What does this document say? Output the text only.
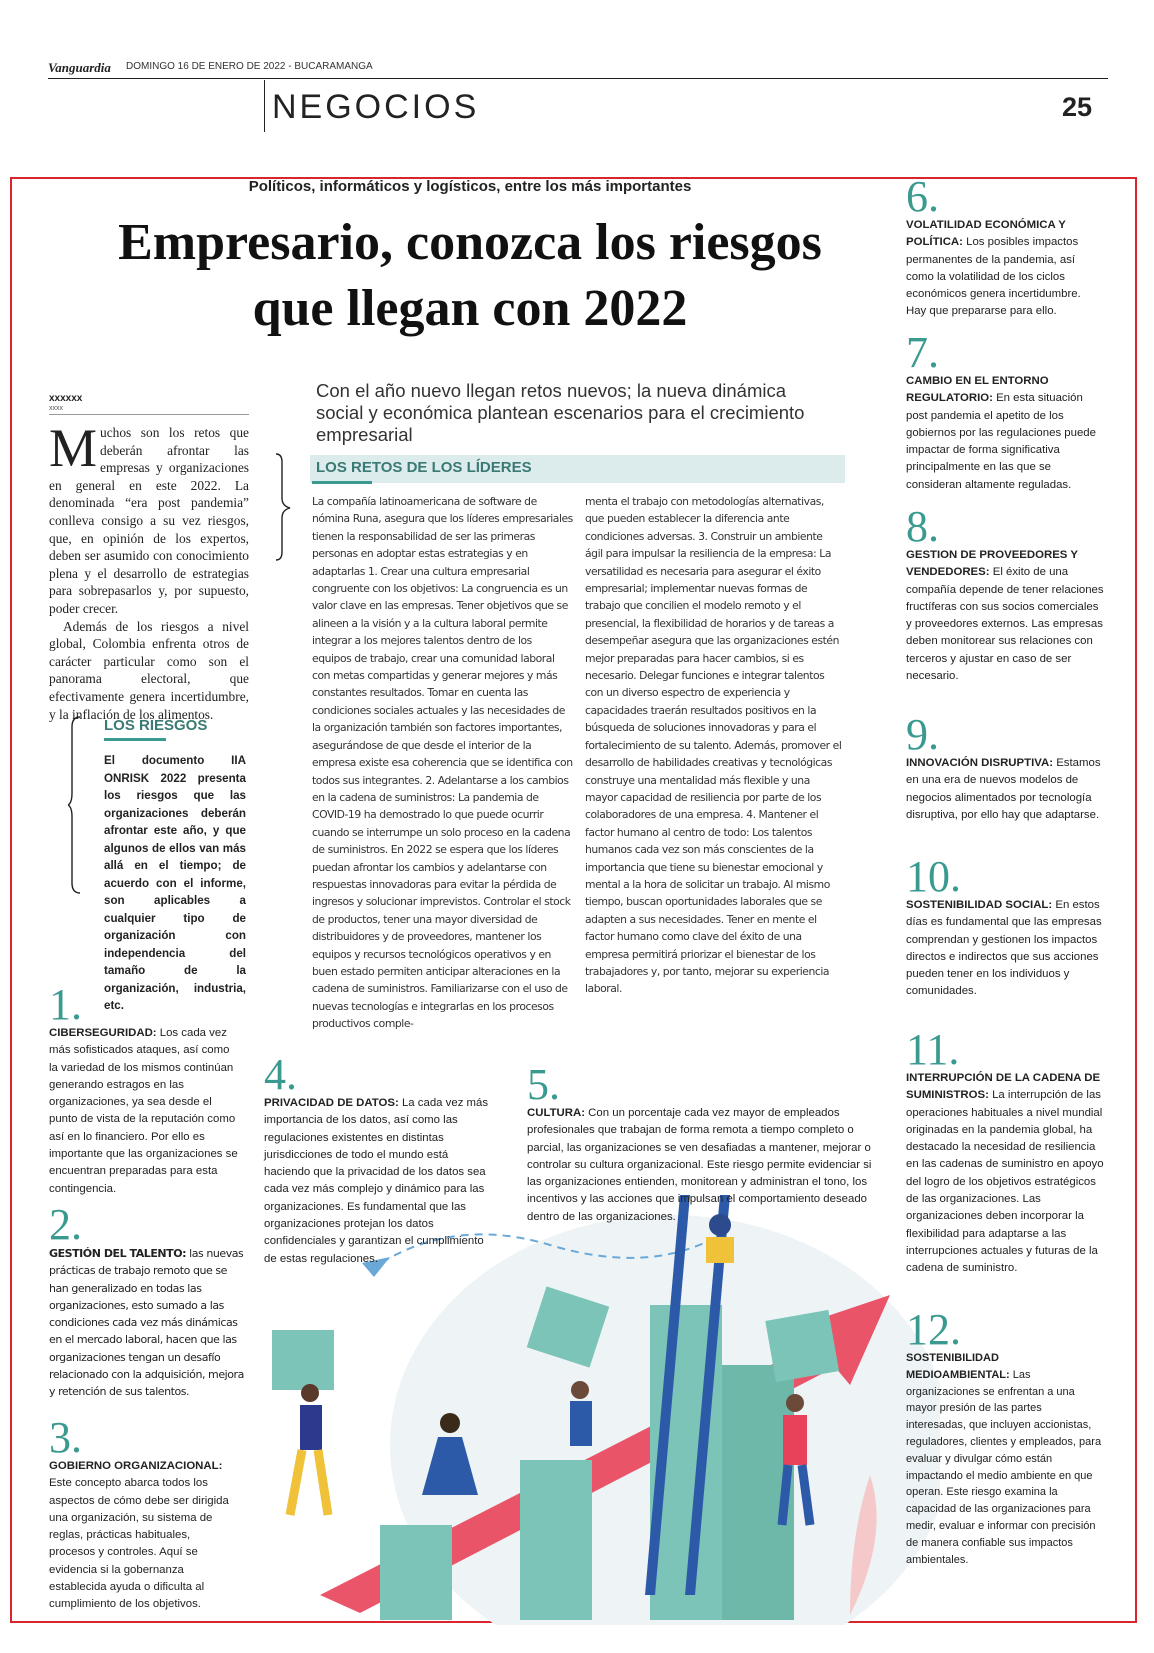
Vanguardia DOMINGO 16 DE ENERO DE 2022 - BUCARAMANGA
NEGOCIOS	25
Políticos, informáticos y logísticos, entre los más importantes
Empresario, conozca los riesgos que llegan con 2022
xxxxxx
xxxx
M uchos son los retos que deberán afrontar las empresas y organizaciones en general en este 2022. La denominada “era post pandemia” conlleva consigo a su vez riesgos, que, en opinión de los expertos, deben ser asumido con conocimiento plena y el desarrollo de estrategias para sobrepasarlos y, por supuesto, poder crecer.
Además de los riesgos a nivel global, Colombia enfrenta otros de carácter particular como son el panorama electoral, que efectivamente genera incertidumbre, y la inflación de los alimentos.
LOS RIESGOS
El documento IIA ONRISK 2022 presenta los riesgos que las organizaciones deberán afrontar este año, y que algunos de ellos van más allá en el tiempo; de acuerdo con el informe, son aplicables a cualquier tipo de organización con independencia del tamaño de la organización, industria, etc.
Con el año nuevo llegan retos nuevos; la nueva dinámica social y económica plantean escenarios para el crecimiento empresarial
LOS RETOS DE LOS LÍDERES
La compañía latinoamericana de software de nómina Runa, asegura que los líderes empresariales tienen la responsabilidad de ser las primeras personas en adoptar estas estrategias y en adaptarlas 1. Crear una cultura empresarial congruente con los objetivos: La congruencia es un valor clave en las empresas. Tener objetivos que se alineen a la visión y a la cultura laboral permite integrar a los mejores talentos dentro de los equipos de trabajo, crear una comunidad laboral con metas compartidas y generar mejores y más constantes resultados. Tomar en cuenta las condiciones sociales actuales y las necesidades de la organización también son factores importantes, asegurándose de que desde el interior de la empresa existe esa coherencia que se identifica con todos sus integrantes. 2. Adelantarse a los cambios en la cadena de suministros: La pandemia de COVID-19 ha demostrado lo que puede ocurrir cuando se interrumpe un solo proceso en la cadena de suministros. En 2022 se espera que los líderes puedan afrontar los cambios y adelantarse con respuestas innovadoras para evitar la pérdida de ingresos y solucionar imprevistos. Controlar el stock de productos, tener una mayor diversidad de distribuidores y de proveedores, mantener los equipos y recursos tecnológicos operativos y en buen estado permiten anticipar alteraciones en la cadena de suministros. Familiarizarse con el uso de nuevas tecnologías e integrarlas en los procesos productivos comple-
menta el trabajo con metodologías alternativas, que pueden establecer la diferencia ante condiciones adversas. 3. Construir un ambiente ágil para impulsar la resiliencia de la empresa: La versatilidad es necesaria para asegurar el éxito empresarial; implementar nuevas formas de trabajo que concilien el modelo remoto y el presencial, la flexibilidad de horarios y de tareas a desempeñar asegura que las organizaciones estén mejor preparadas para hacer cambios, si es necesario. Delegar funciones e integrar talentos con un diverso espectro de experiencia y capacidades traerán resultados positivos en la búsqueda de soluciones innovadoras y para el fortalecimiento de su talento. Además, promover el desarrollo de habilidades creativas y tecnológicas construye una mentalidad más flexible y una mayor capacidad de resiliencia por parte de los colaboradores de una empresa. 4. Mantener el factor humano al centro de todo: Los talentos humanos cada vez son más conscientes de la importancia que tiene su bienestar emocional y mental a la hora de solicitar un trabajo. Al mismo tiempo, buscan oportunidades laborales que se adapten a sus necesidades. Tener en mente el factor humano como clave del éxito de una empresa permitirá priorizar el bienestar de los trabajadores y, por tanto, mejorar su experiencia laboral.
1.
CIBERSEGURIDAD: Los cada vez más sofisticados ataques, así como la variedad de los mismos continúan generando estragos en las organizaciones, ya sea desde el punto de vista de la reputación como así en lo financiero. Por ello es importante que las organizaciones se encuentran preparadas para esta contingencia.
2.
GESTIÓN DEL TALENTO: las nuevas prácticas de trabajo remoto que se han generalizado en todas las organizaciones, esto sumado a las condiciones cada vez más dinámicas en el mercado laboral, hacen que las organizaciones tengan un desafío relacionado con la adquisición, mejora y retención de sus talentos.
3.
GOBIERNO ORGANIZACIONAL: Este concepto abarca todos los aspectos de cómo debe ser dirigida una organización, su sistema de reglas, prácticas habituales, procesos y controles. Aquí se evidencia si la gobernanza establecida ayuda o dificulta al cumplimiento de los objetivos.
4.
PRIVACIDAD DE DATOS: La cada vez más importancia de los datos, así como las regulaciones existentes en distintas jurisdicciones de todo el mundo está haciendo que la privacidad de los datos sea cada vez más complejo y dinámico para las organizaciones. Es fundamental que las organizaciones protejan los datos confidenciales y garantizan el cumplimiento de estas regulaciones.
5.
CULTURA: Con un porcentaje cada vez mayor de empleados profesionales que trabajan de forma remota a tiempo completo o parcial, las organizaciones se ven desafiadas a mantener, mejorar o controlar su cultura organizacional. Este riesgo permite evidenciar si las organizaciones entienden, monitorean y administran el tono, los incentivos y las acciones que impulsan el comportamiento deseado dentro de las organizaciones.
6.
VOLATILIDAD ECONÓMICA Y POLÍTICA: Los posibles impactos permanentes de la pandemia, así como la volatilidad de los ciclos económicos genera incertidumbre. Hay que prepararse para ello.
7.
CAMBIO EN EL ENTORNO REGULATORIO: En esta situación post pandemia el apetito de los gobiernos por las regulaciones puede impactar de forma significativa principalmente en las que se consideran altamente reguladas.
8.
GESTION DE PROVEEDORES Y VENDEDORES: El éxito de una compañía depende de tener relaciones fructíferas con sus socios comerciales y proveedores externos. Las empresas deben monitorear sus relaciones con terceros y ajustar en caso de ser necesario.
9.
INNOVACIÓN DISRUPTIVA: Estamos en una era de nuevos modelos de negocios alimentados por tecnología disruptiva, por ello hay que adaptarse.
10.
SOSTENIBILIDAD SOCIAL: En estos días es fundamental que las empresas comprendan y gestionen los impactos directos e indirectos que sus acciones pueden tener en los individuos y comunidades.
11.
INTERRUPCIÓN DE LA CADENA DE SUMINISTROS: La interrupción de las operaciones habituales a nivel mundial originadas en la pandemia global, ha destacado la necesidad de resiliencia en las cadenas de suministro en apoyo del logro de los objetivos estratégicos de las organizaciones. Las organizaciones deben incorporar la flexibilidad para adaptarse a las interrupciones actuales y futuras de la cadena de suministro.
12.
SOSTENIBILIDAD MEDIOAMBIENTAL: Las organizaciones se enfrentan a una mayor presión de las partes interesadas, que incluyen accionistas, reguladores, clientes y empleados, para evaluar y divulgar cómo están impactando el medio ambiente en que operan. Este riesgo examina la capacidad de las organizaciones para medir, evaluar e informar con precisión de manera confiable sus impactos ambientales.
